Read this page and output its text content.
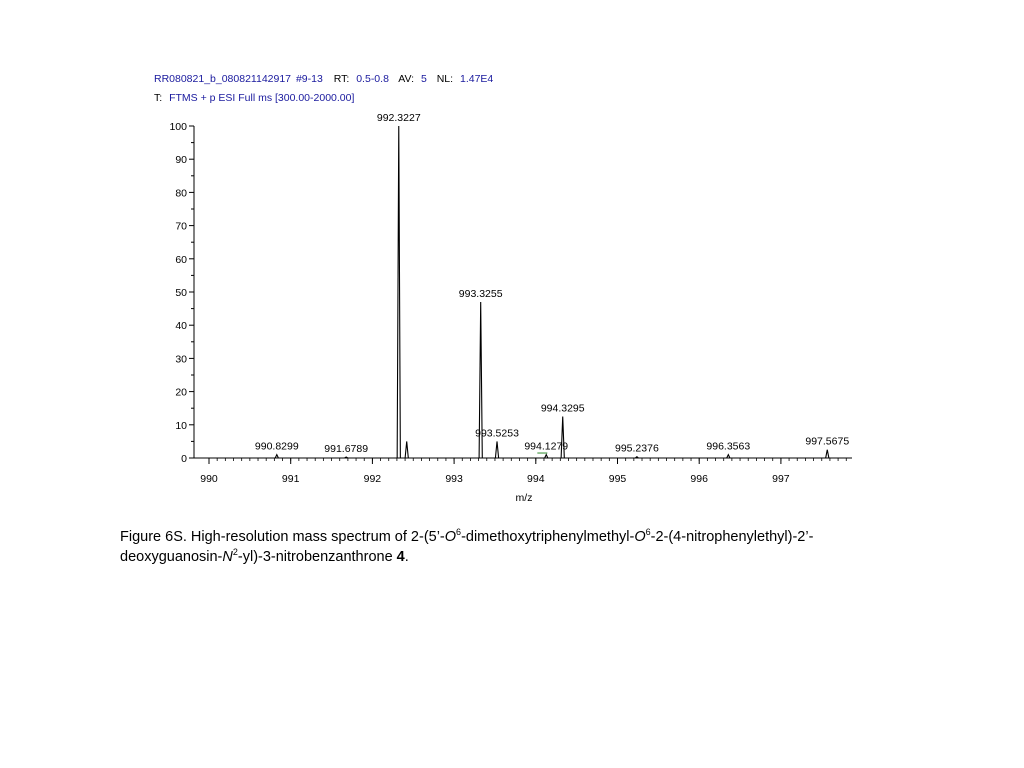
RR080821_b_080821142917 #9-13 RT: 0.5-0.8 AV: 5 NL: 1.47E4
T: FTMS + p ESI Full ms [300.00-2000.00]
0
10
20
30
40
50
60
70
80
90
100
990	991	992	993	994	995	996	997
990.8299 991.6789
992.3227
993.3255
993.5253
994.1279
994.3295
995.2376	996.3563	997.5675
m/z
Figure 6S. High-resolution mass spectrum of $2-(5’-O^6-dimethoxytriphenylmethyl-O^6-2-(4-nitrophenylethyl)-2’-deoxyguanosin-N^2-yl)-3$-nitrobenzanthrone 4.
